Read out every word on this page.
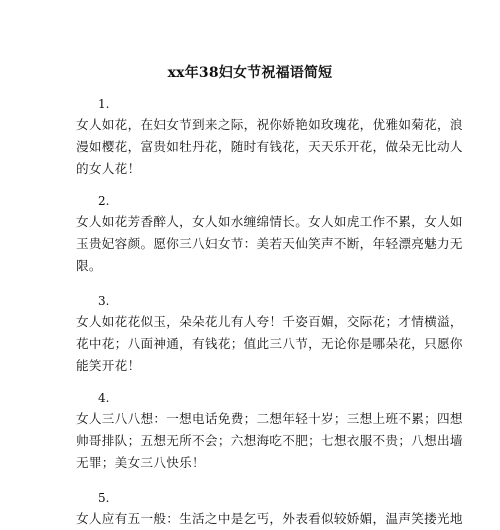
xx年38妇女节祝福语简短
1.
女人如花，在妇女节到来之际，祝你娇艳如玫瑰花，优雅如菊花，浪
漫如樱花，富贵如牡丹花，随时有钱花，天天乐开花，做朵无比动人
的女人花！
2.
女人如花芳香醉人，女人如水缠绵情长。女人如虎工作不累，女人如
玉贵妃容颜。愿你三八妇女节：美若天仙笑声不断，年轻漂亮魅力无
限。
3.
女人如花花似玉，朵朵花儿有人夸！千姿百媚，交际花；才情横溢，
花中花；八面神通，有钱花；值此三八节，无论你是哪朵花，只愿你
能笑开花！
4.
女人三八八想：一想电话免费；二想年轻十岁；三想上班不累；四想
帅哥排队；五想无所不会；六想海吃不肥；七想衣服不贵；八想出墙
无罪；美女三八快乐！
5.
女人应有五一般：生活之中是乞丐，外表看似较娇媚，温声笑搂光地
